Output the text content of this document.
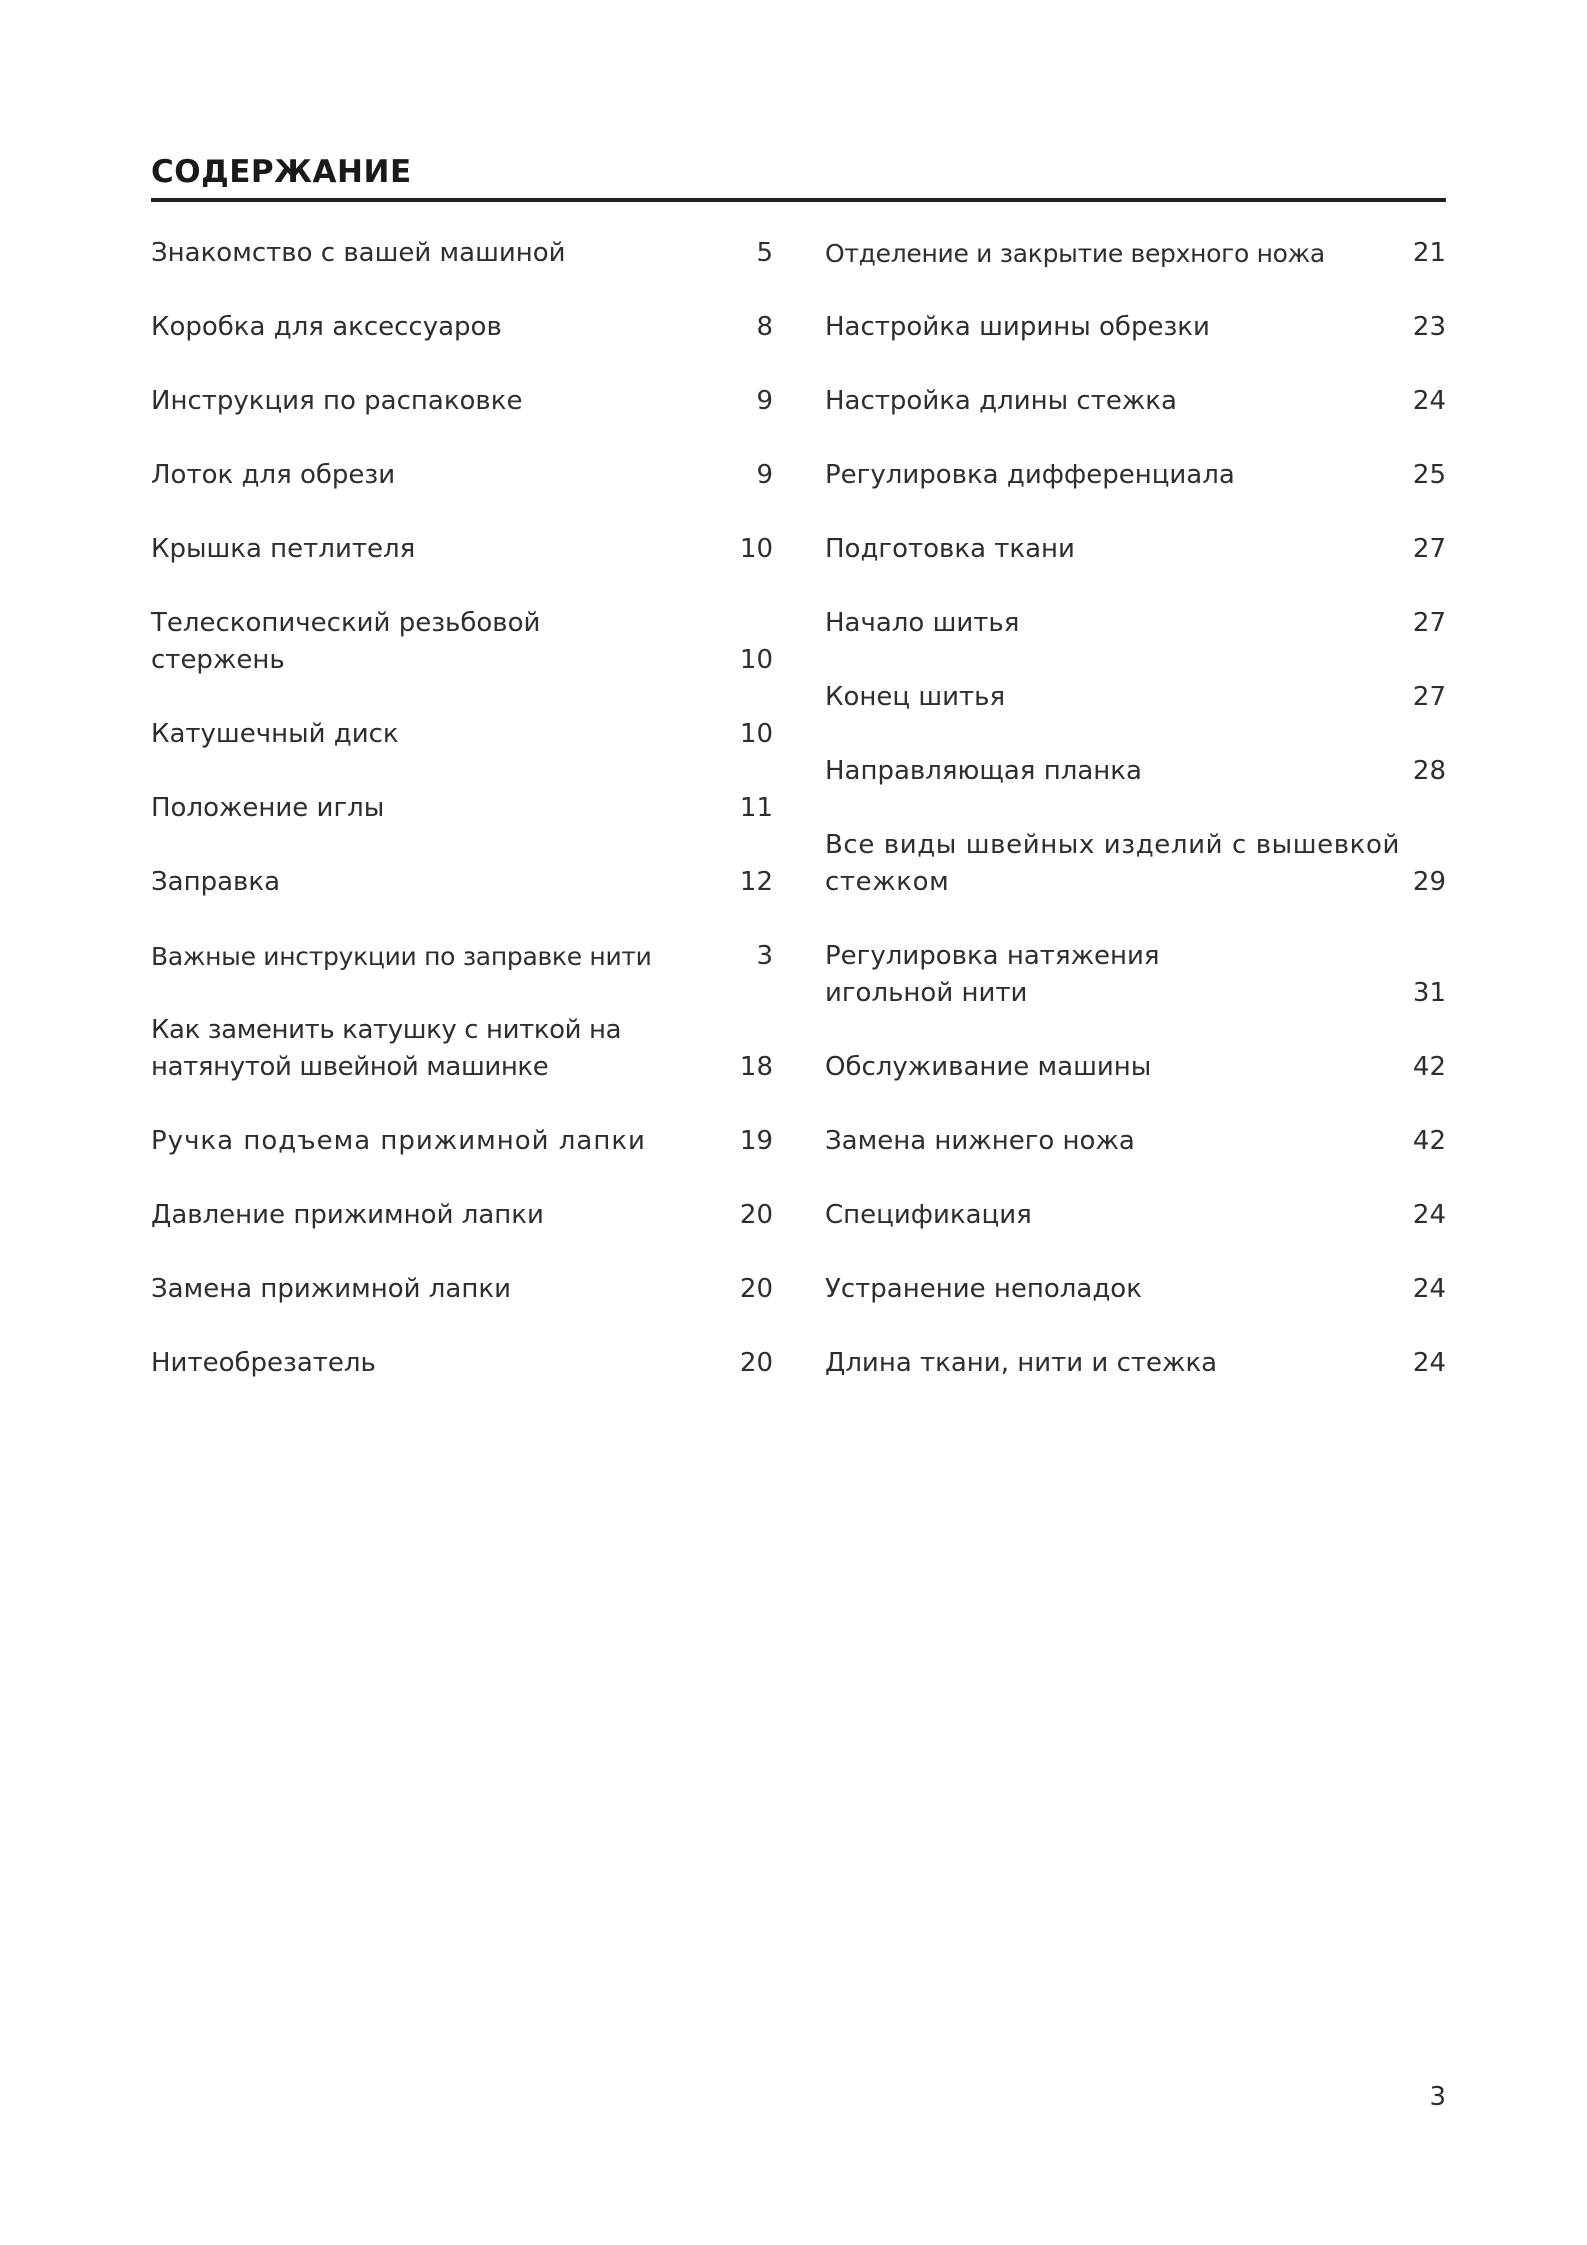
СОДЕРЖАНИЕ
Знакомство с вашей машиной	5
Коробка для аксессуаров	8
Инструкция по распаковке	9
Лоток для обрези	9
Крышка петлителя	10
Телескопический резьбовой стержень	10
Катушечный диск	10
Положение иглы	11
Заправка	12
Важные инструкции по заправке нити	3
Как заменить катушку с ниткой на натянутой швейной машинке	18
Ручка подъема прижимной лапки	19
Давление прижимной лапки	20
Замена прижимной лапки	20
Нитеобрезатель	20
Отделение и закрытие верхного ножа	21
Настройка ширины обрезки	23
Настройка длины стежка	24
Регулировка дифференциала	25
Подготовка ткани	27
Начало шитья	27
Конец шитья	27
Направляющая планка	28
Все виды швейных изделий с вышевкой стежком	29
Регулировка натяжения игольной нити	31
Обслуживание машины	42
Замена нижнего ножа	42
Спецификация	24
Устранение неполадок	24
Длина ткани, нити и стежка	24
3
